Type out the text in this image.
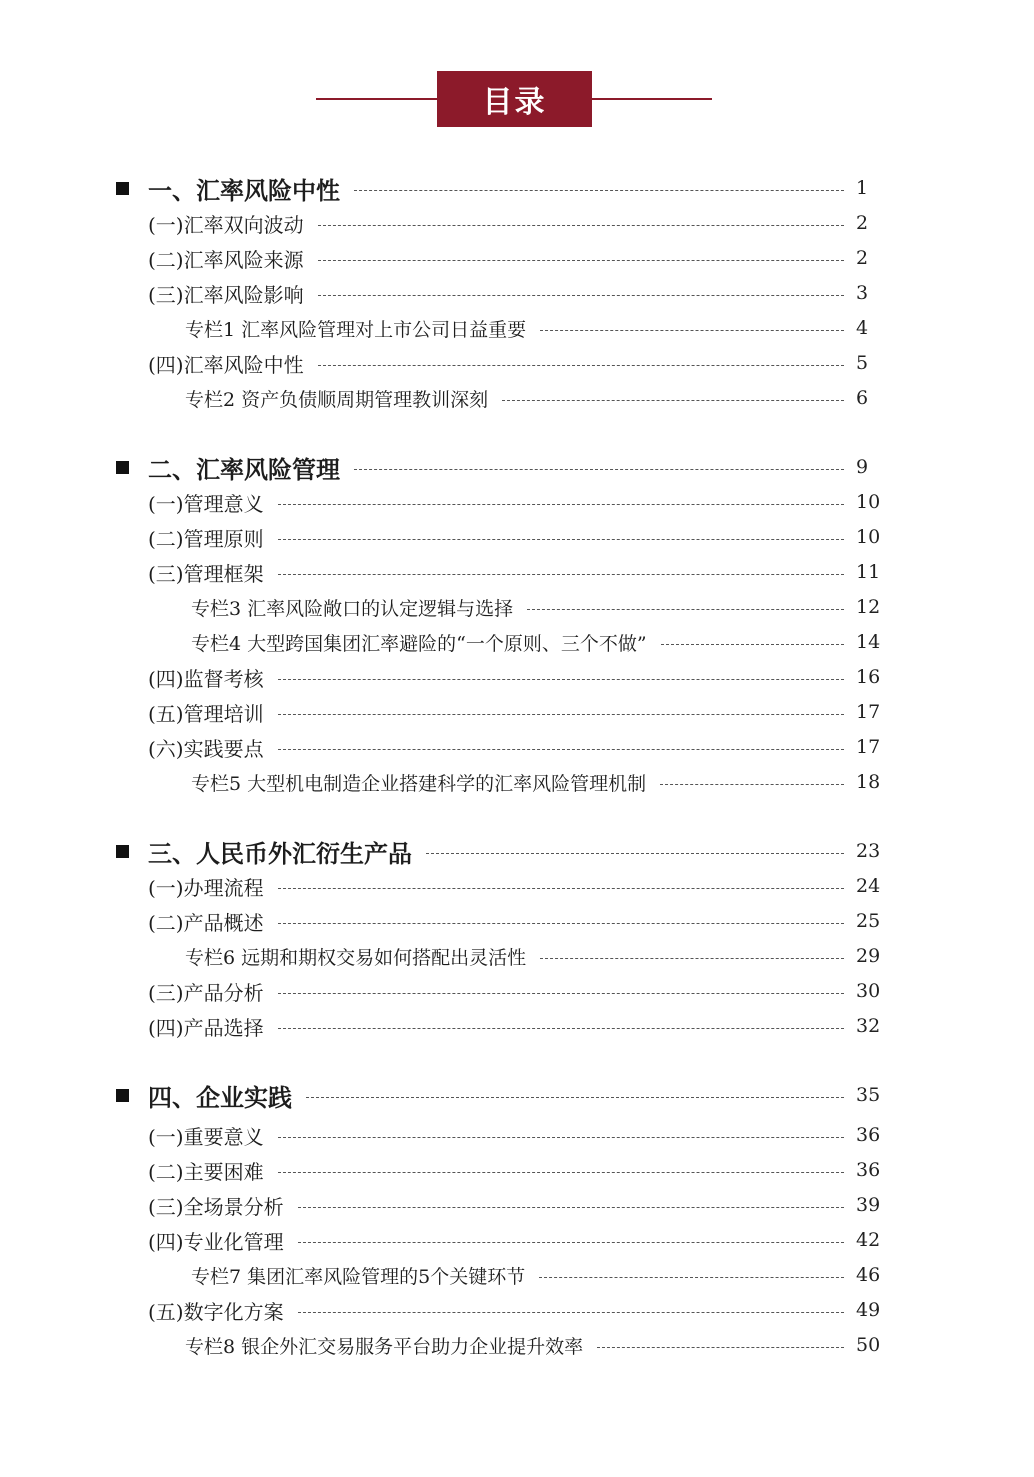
目录
一、汇率风险中性	1
(一)汇率双向波动	2
(二)汇率风险来源	2
(三)汇率风险影响	3
专栏1 汇率风险管理对上市公司日益重要	4
(四)汇率风险中性	5
专栏2 资产负债顺周期管理教训深刻	6
二、汇率风险管理	9
(一)管理意义	10
(二)管理原则	10
(三)管理框架	11
专栏3 汇率风险敞口的认定逻辑与选择	12
专栏4 大型跨国集团汇率避险的“一个原则、三个不做”	14
(四)监督考核	16
(五)管理培训	17
(六)实践要点	17
专栏5 大型机电制造企业搭建科学的汇率风险管理机制	18
三、人民币外汇衍生产品	23
(一)办理流程	24
(二)产品概述	25
专栏6 远期和期权交易如何搭配出灵活性	29
(三)产品分析	30
(四)产品选择	32
四、企业实践	35
(一)重要意义	36
(二)主要困难	36
(三)全场景分析	39
(四)专业化管理	42
专栏7 集团汇率风险管理的5个关键环节	46
(五)数字化方案	49
专栏8 银企外汇交易服务平台助力企业提升效率	50
